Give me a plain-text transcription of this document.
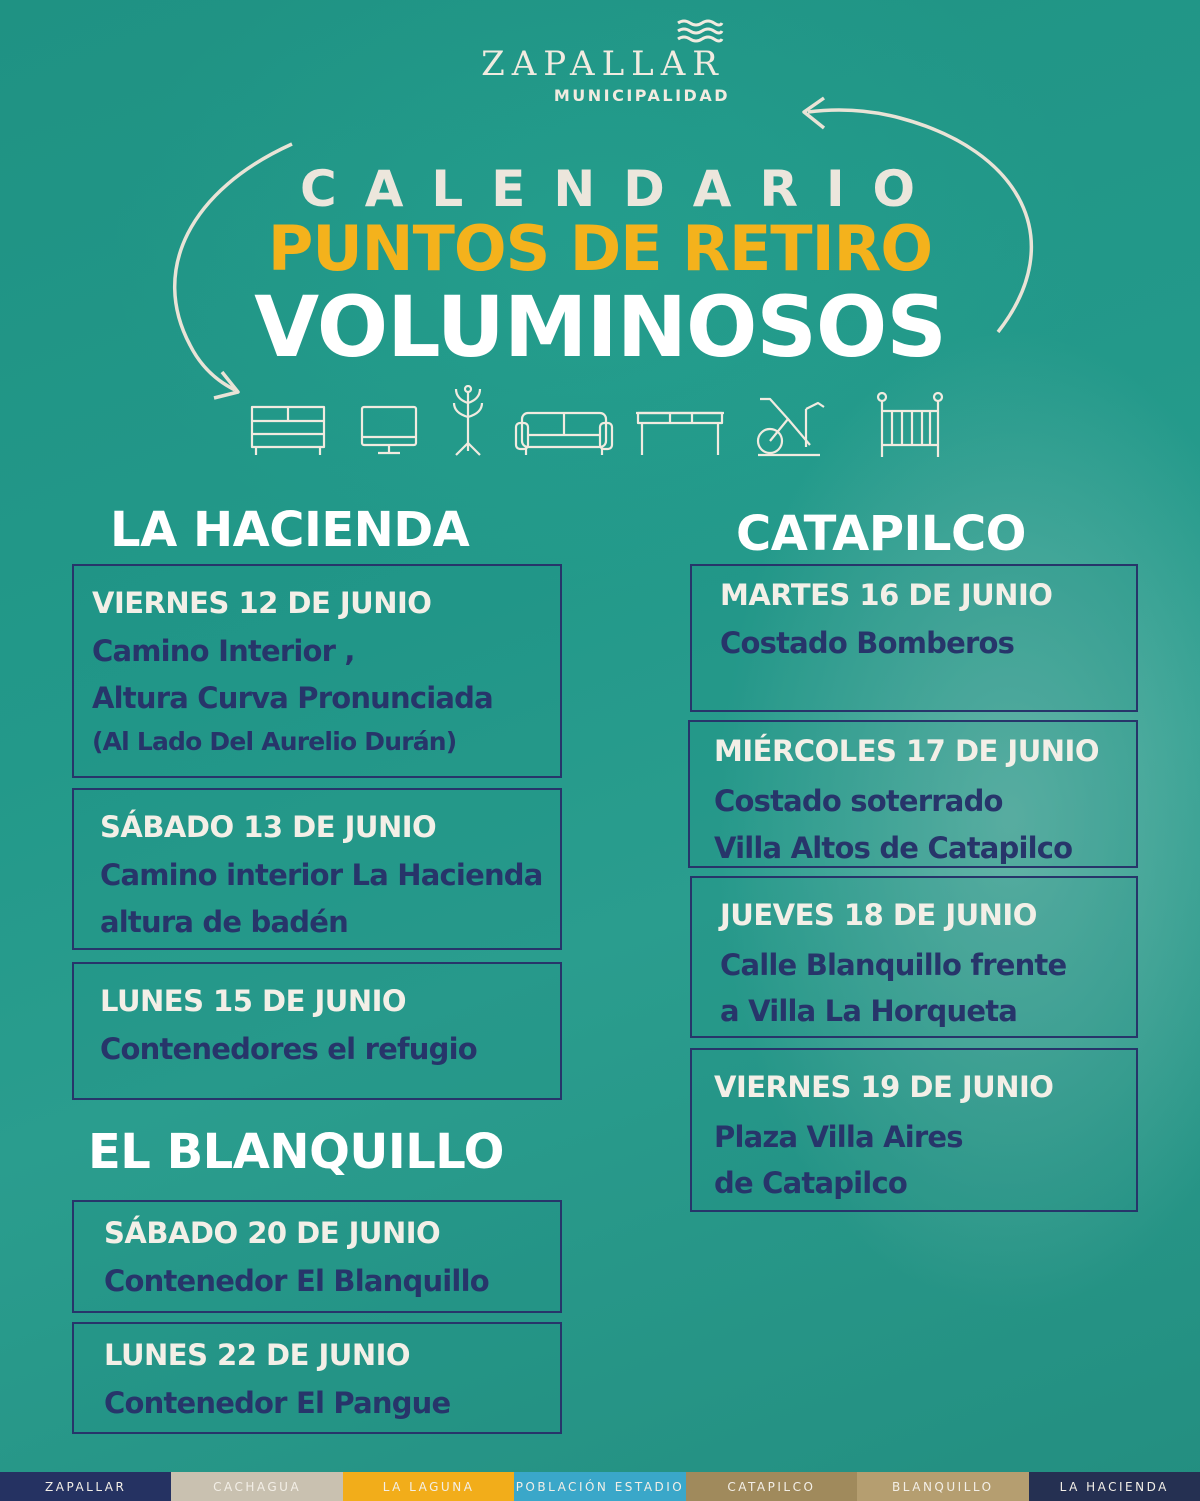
ZAPALLAR
MUNICIPALIDAD
CALENDARIO
PUNTOS DE RETIRO
VOLUMINOSOS
LA HACIENDA
VIERNES 12 DE JUNIO
Camino Interior ,
Altura Curva Pronunciada
(Al Lado Del Aurelio Durán)
SÁBADO 13 DE JUNIO
Camino interior La Hacienda
altura de badén
LUNES 15 DE JUNIO
Contenedores el refugio
EL BLANQUILLO
SÁBADO 20 DE JUNIO
Contenedor El Blanquillo
LUNES 22 DE JUNIO
Contenedor El Pangue
CATAPILCO
MARTES 16 DE JUNIO
Costado Bomberos
MIÉRCOLES 17 DE JUNIO
Costado soterrado
Villa Altos de Catapilco
JUEVES 18 DE JUNIO
Calle Blanquillo frente
a Villa La Horqueta
VIERNES 19 DE JUNIO
Plaza Villa Aires
de Catapilco
ZAPALLAR	CACHAGUA	LA LAGUNA	POBLACIÓN ESTADIO	CATAPILCO	BLANQUILLO	LA HACIENDA
